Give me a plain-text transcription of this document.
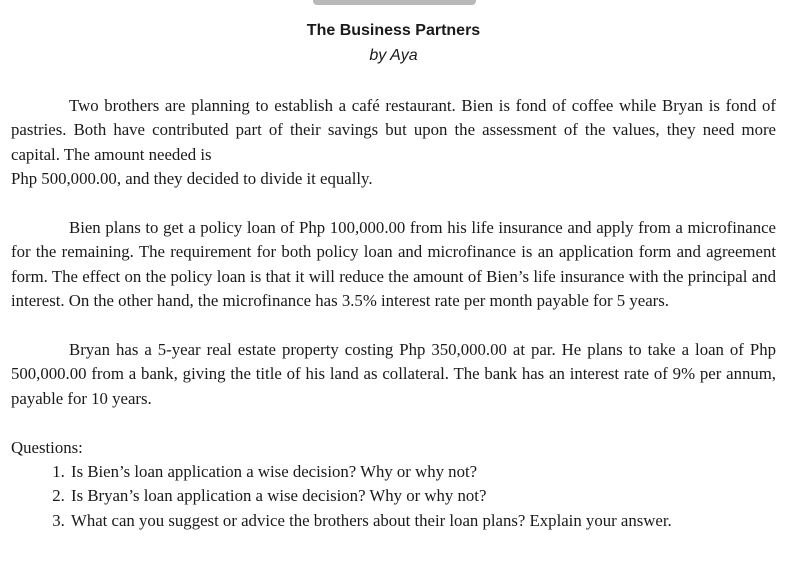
The Business Partners
by Aya

Two brothers are planning to establish a café restaurant. Bien is fond of coffee while Bryan is fond of pastries. Both have contributed part of their savings but upon the assessment of the values, they need more capital. The amount needed is
Php 500,000.00, and they decided to divide it equally.

Bien plans to get a policy loan of Php 100,000.00 from his life insurance and apply from a microfinance for the remaining. The requirement for both policy loan and microfinance is an application form and agreement form. The effect on the policy loan is that it will reduce the amount of Bien’s life insurance with the principal and interest. On the other hand, the microfinance has 3.5% interest rate per month payable for 5 years.

Bryan has a 5-year real estate property costing Php 350,000.00 at par. He plans to take a loan of Php 500,000.00 from a bank, giving the title of his land as collateral. The bank has an interest rate of 9% per annum, payable for 10 years.

Questions:

1. Is Bien’s loan application a wise decision? Why or why not?
2. Is Bryan’s loan application a wise decision? Why or why not?
3. What can you suggest or advice the brothers about their loan plans? Explain your answer.
